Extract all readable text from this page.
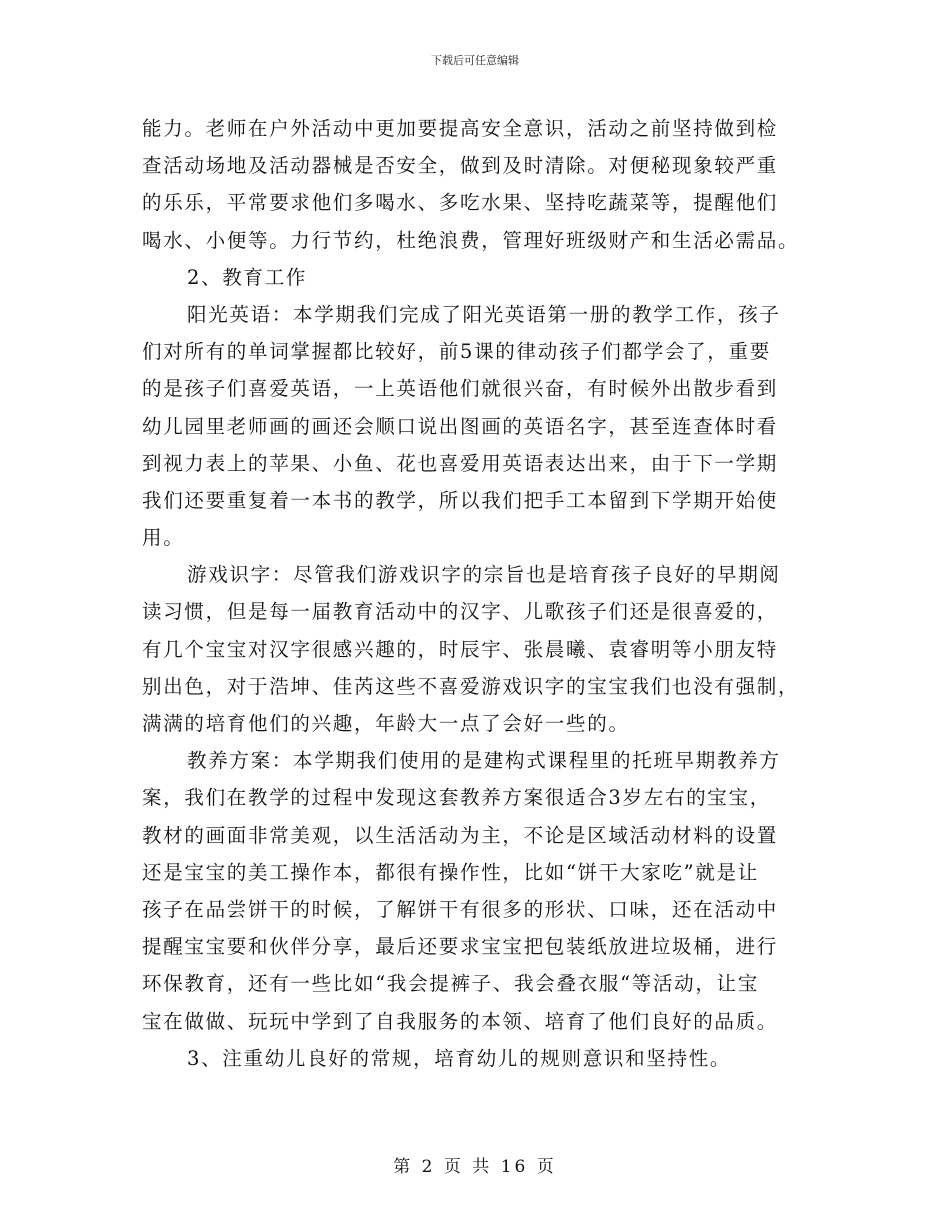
下载后可任意编辑
能力。老师在户外活动中更加要提高安全意识，活动之前坚持做到检
查活动场地及活动器械是否安全，做到及时清除。对便秘现象较严重
的乐乐，平常要求他们多喝水、多吃水果、坚持吃蔬菜等，提醒他们
喝水、小便等。力行节约，杜绝浪费，管理好班级财产和生活必需品。
2、教育工作
阳光英语：本学期我们完成了阳光英语第一册的教学工作，孩子
们对所有的单词掌握都比较好，前5课的律动孩子们都学会了，重要
的是孩子们喜爱英语，一上英语他们就很兴奋，有时候外出散步看到
幼儿园里老师画的画还会顺口说出图画的英语名字，甚至连查体时看
到视力表上的苹果、小鱼、花也喜爱用英语表达出来，由于下一学期
我们还要重复着一本书的教学，所以我们把手工本留到下学期开始使
用。
游戏识字：尽管我们游戏识字的宗旨也是培育孩子良好的早期阅
读习惯，但是每一届教育活动中的汉字、儿歌孩子们还是很喜爱的，
有几个宝宝对汉字很感兴趣的，时辰宇、张晨曦、袁睿明等小朋友特
别出色，对于浩坤、佳芮这些不喜爱游戏识字的宝宝我们也没有强制，
满满的培育他们的兴趣，年龄大一点了会好一些的。
教养方案：本学期我们使用的是建构式课程里的托班早期教养方
案，我们在教学的过程中发现这套教养方案很适合3岁左右的宝宝，
教材的画面非常美观，以生活活动为主，不论是区域活动材料的设置
还是宝宝的美工操作本，都很有操作性，比如“饼干大家吃”就是让
孩子在品尝饼干的时候，了解饼干有很多的形状、口味，还在活动中
提醒宝宝要和伙伴分享，最后还要求宝宝把包装纸放进垃圾桶，进行
环保教育，还有一些比如“我会提裤子、我会叠衣服“等活动，让宝
宝在做做、玩玩中学到了自我服务的本领、培育了他们良好的品质。
3、注重幼儿良好的常规，培育幼儿的规则意识和坚持性。
第 2 页 共 16 页
